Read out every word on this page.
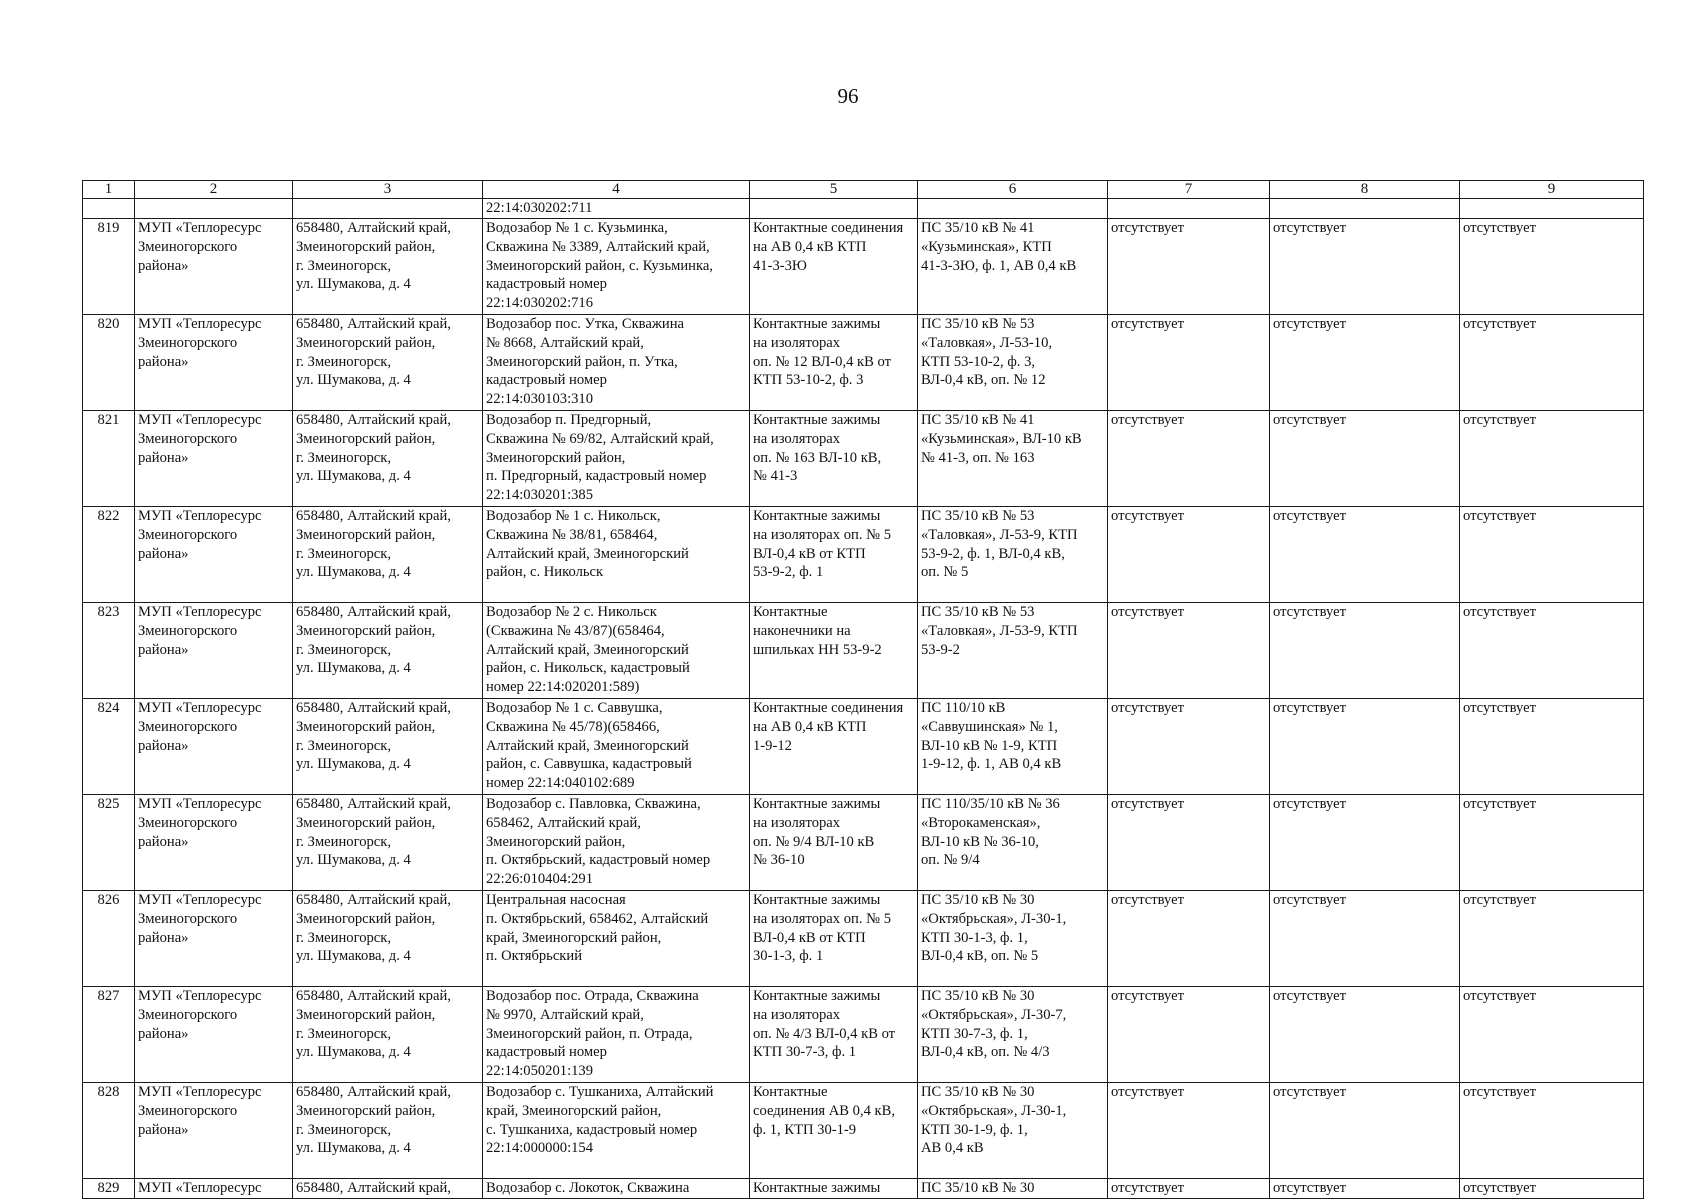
96
1	2	3	4	5	6	7	8	9
			22:14:030202:711					
819	МУП «Теплоресурс
Змеиногорского
района»	658480, Алтайский край,
Змеиногорский район,
г. Змеиногорск,
ул. Шумакова, д. 4	Водозабор № 1 с. Кузьминка,
Скважина № 3389, Алтайский край,
Змеиногорский район, с. Кузьминка,
кадастровый номер
22:14:030202:716	Контактные соединения
на АВ 0,4 кВ КТП
41-3-3Ю	ПС 35/10 кВ № 41
«Кузьминская», КТП
41-3-3Ю, ф. 1, АВ 0,4 кВ	отсутствует	отсутствует	отсутствует
820	МУП «Теплоресурс
Змеиногорского
района»	658480, Алтайский край,
Змеиногорский район,
г. Змеиногорск,
ул. Шумакова, д. 4	Водозабор пос. Утка, Скважина
№ 8668, Алтайский край,
Змеиногорский район, п. Утка,
кадастровый номер
22:14:030103:310	Контактные зажимы
на изоляторах
оп. № 12 ВЛ-0,4 кВ от
КТП 53-10-2, ф. 3	ПС 35/10 кВ № 53
«Таловкая», Л-53-10,
КТП 53-10-2, ф. 3,
ВЛ-0,4 кВ, оп. № 12	отсутствует	отсутствует	отсутствует
821	МУП «Теплоресурс
Змеиногорского
района»	658480, Алтайский край,
Змеиногорский район,
г. Змеиногорск,
ул. Шумакова, д. 4	Водозабор п. Предгорный,
Скважина № 69/82, Алтайский край,
Змеиногорский район,
п. Предгорный, кадастровый номер
22:14:030201:385	Контактные зажимы
на изоляторах
оп. № 163 ВЛ-10 кВ,
№ 41-3	ПС 35/10 кВ № 41
«Кузьминская», ВЛ-10 кВ
№ 41-3, оп. № 163	отсутствует	отсутствует	отсутствует
822	МУП «Теплоресурс
Змеиногорского
района»	658480, Алтайский край,
Змеиногорский район,
г. Змеиногорск,
ул. Шумакова, д. 4	Водозабор № 1 с. Никольск,
Скважина № 38/81, 658464,
Алтайский край, Змеиногорский
район, с. Никольск	Контактные зажимы
на изоляторах оп. № 5
ВЛ-0,4 кВ от КТП
53-9-2, ф. 1	ПС 35/10 кВ № 53
«Таловкая», Л-53-9, КТП
53-9-2, ф. 1, ВЛ-0,4 кВ,
оп. № 5	отсутствует	отсутствует	отсутствует
823	МУП «Теплоресурс
Змеиногорского
района»	658480, Алтайский край,
Змеиногорский район,
г. Змеиногорск,
ул. Шумакова, д. 4	Водозабор № 2 с. Никольск
(Скважина № 43/87)(658464,
Алтайский край, Змеиногорский
район, с. Никольск, кадастровый
номер 22:14:020201:589)	Контактные
наконечники на
шпильках НН 53-9-2	ПС 35/10 кВ № 53
«Таловкая», Л-53-9, КТП
53-9-2	отсутствует	отсутствует	отсутствует
824	МУП «Теплоресурс
Змеиногорского
района»	658480, Алтайский край,
Змеиногорский район,
г. Змеиногорск,
ул. Шумакова, д. 4	Водозабор № 1 с. Саввушка,
Скважина № 45/78)(658466,
Алтайский край, Змеиногорский
район, с. Саввушка, кадастровый
номер 22:14:040102:689	Контактные соединения
на АВ 0,4 кВ КТП
1-9-12	ПС 110/10 кВ
«Саввушинская» № 1,
ВЛ-10 кВ № 1-9, КТП
1-9-12, ф. 1, АВ 0,4 кВ	отсутствует	отсутствует	отсутствует
825	МУП «Теплоресурс
Змеиногорского
района»	658480, Алтайский край,
Змеиногорский район,
г. Змеиногорск,
ул. Шумакова, д. 4	Водозабор с. Павловка, Скважина,
658462, Алтайский край,
Змеиногорский район,
п. Октябрьский, кадастровый номер
22:26:010404:291	Контактные зажимы
на изоляторах
оп. № 9/4 ВЛ-10 кВ
№ 36-10	ПС 110/35/10 кВ № 36
«Второкаменская»,
ВЛ-10 кВ № 36-10,
оп. № 9/4	отсутствует	отсутствует	отсутствует
826	МУП «Теплоресурс
Змеиногорского
района»	658480, Алтайский край,
Змеиногорский район,
г. Змеиногорск,
ул. Шумакова, д. 4	Центральная насосная
п. Октябрьский, 658462, Алтайский
край, Змеиногорский район,
п. Октябрьский	Контактные зажимы
на изоляторах оп. № 5
ВЛ-0,4 кВ от КТП
30-1-3, ф. 1	ПС 35/10 кВ № 30
«Октябрьская», Л-30-1,
КТП 30-1-3, ф. 1,
ВЛ-0,4 кВ, оп. № 5	отсутствует	отсутствует	отсутствует
827	МУП «Теплоресурс
Змеиногорского
района»	658480, Алтайский край,
Змеиногорский район,
г. Змеиногорск,
ул. Шумакова, д. 4	Водозабор пос. Отрада, Скважина
№ 9970, Алтайский край,
Змеиногорский район, п. Отрада,
кадастровый номер
22:14:050201:139	Контактные зажимы
на изоляторах
оп. № 4/3 ВЛ-0,4 кВ от
КТП 30-7-3, ф. 1	ПС 35/10 кВ № 30
«Октябрьская», Л-30-7,
КТП 30-7-3, ф. 1,
ВЛ-0,4 кВ, оп. № 4/3	отсутствует	отсутствует	отсутствует
828	МУП «Теплоресурс
Змеиногорского
района»	658480, Алтайский край,
Змеиногорский район,
г. Змеиногорск,
ул. Шумакова, д. 4	Водозабор с. Тушканиха, Алтайский
край, Змеиногорский район,
с. Тушканиха, кадастровый номер
22:14:000000:154	Контактные
соединения АВ 0,4 кВ,
ф. 1, КТП 30-1-9	ПС 35/10 кВ № 30
«Октябрьская», Л-30-1,
КТП 30-1-9, ф. 1,
АВ 0,4 кВ	отсутствует	отсутствует	отсутствует
829	МУП «Теплоресурс	658480, Алтайский край,	Водозабор с. Локоток, Скважина	Контактные зажимы	ПС 35/10 кВ № 30	отсутствует	отсутствует	отсутствует
